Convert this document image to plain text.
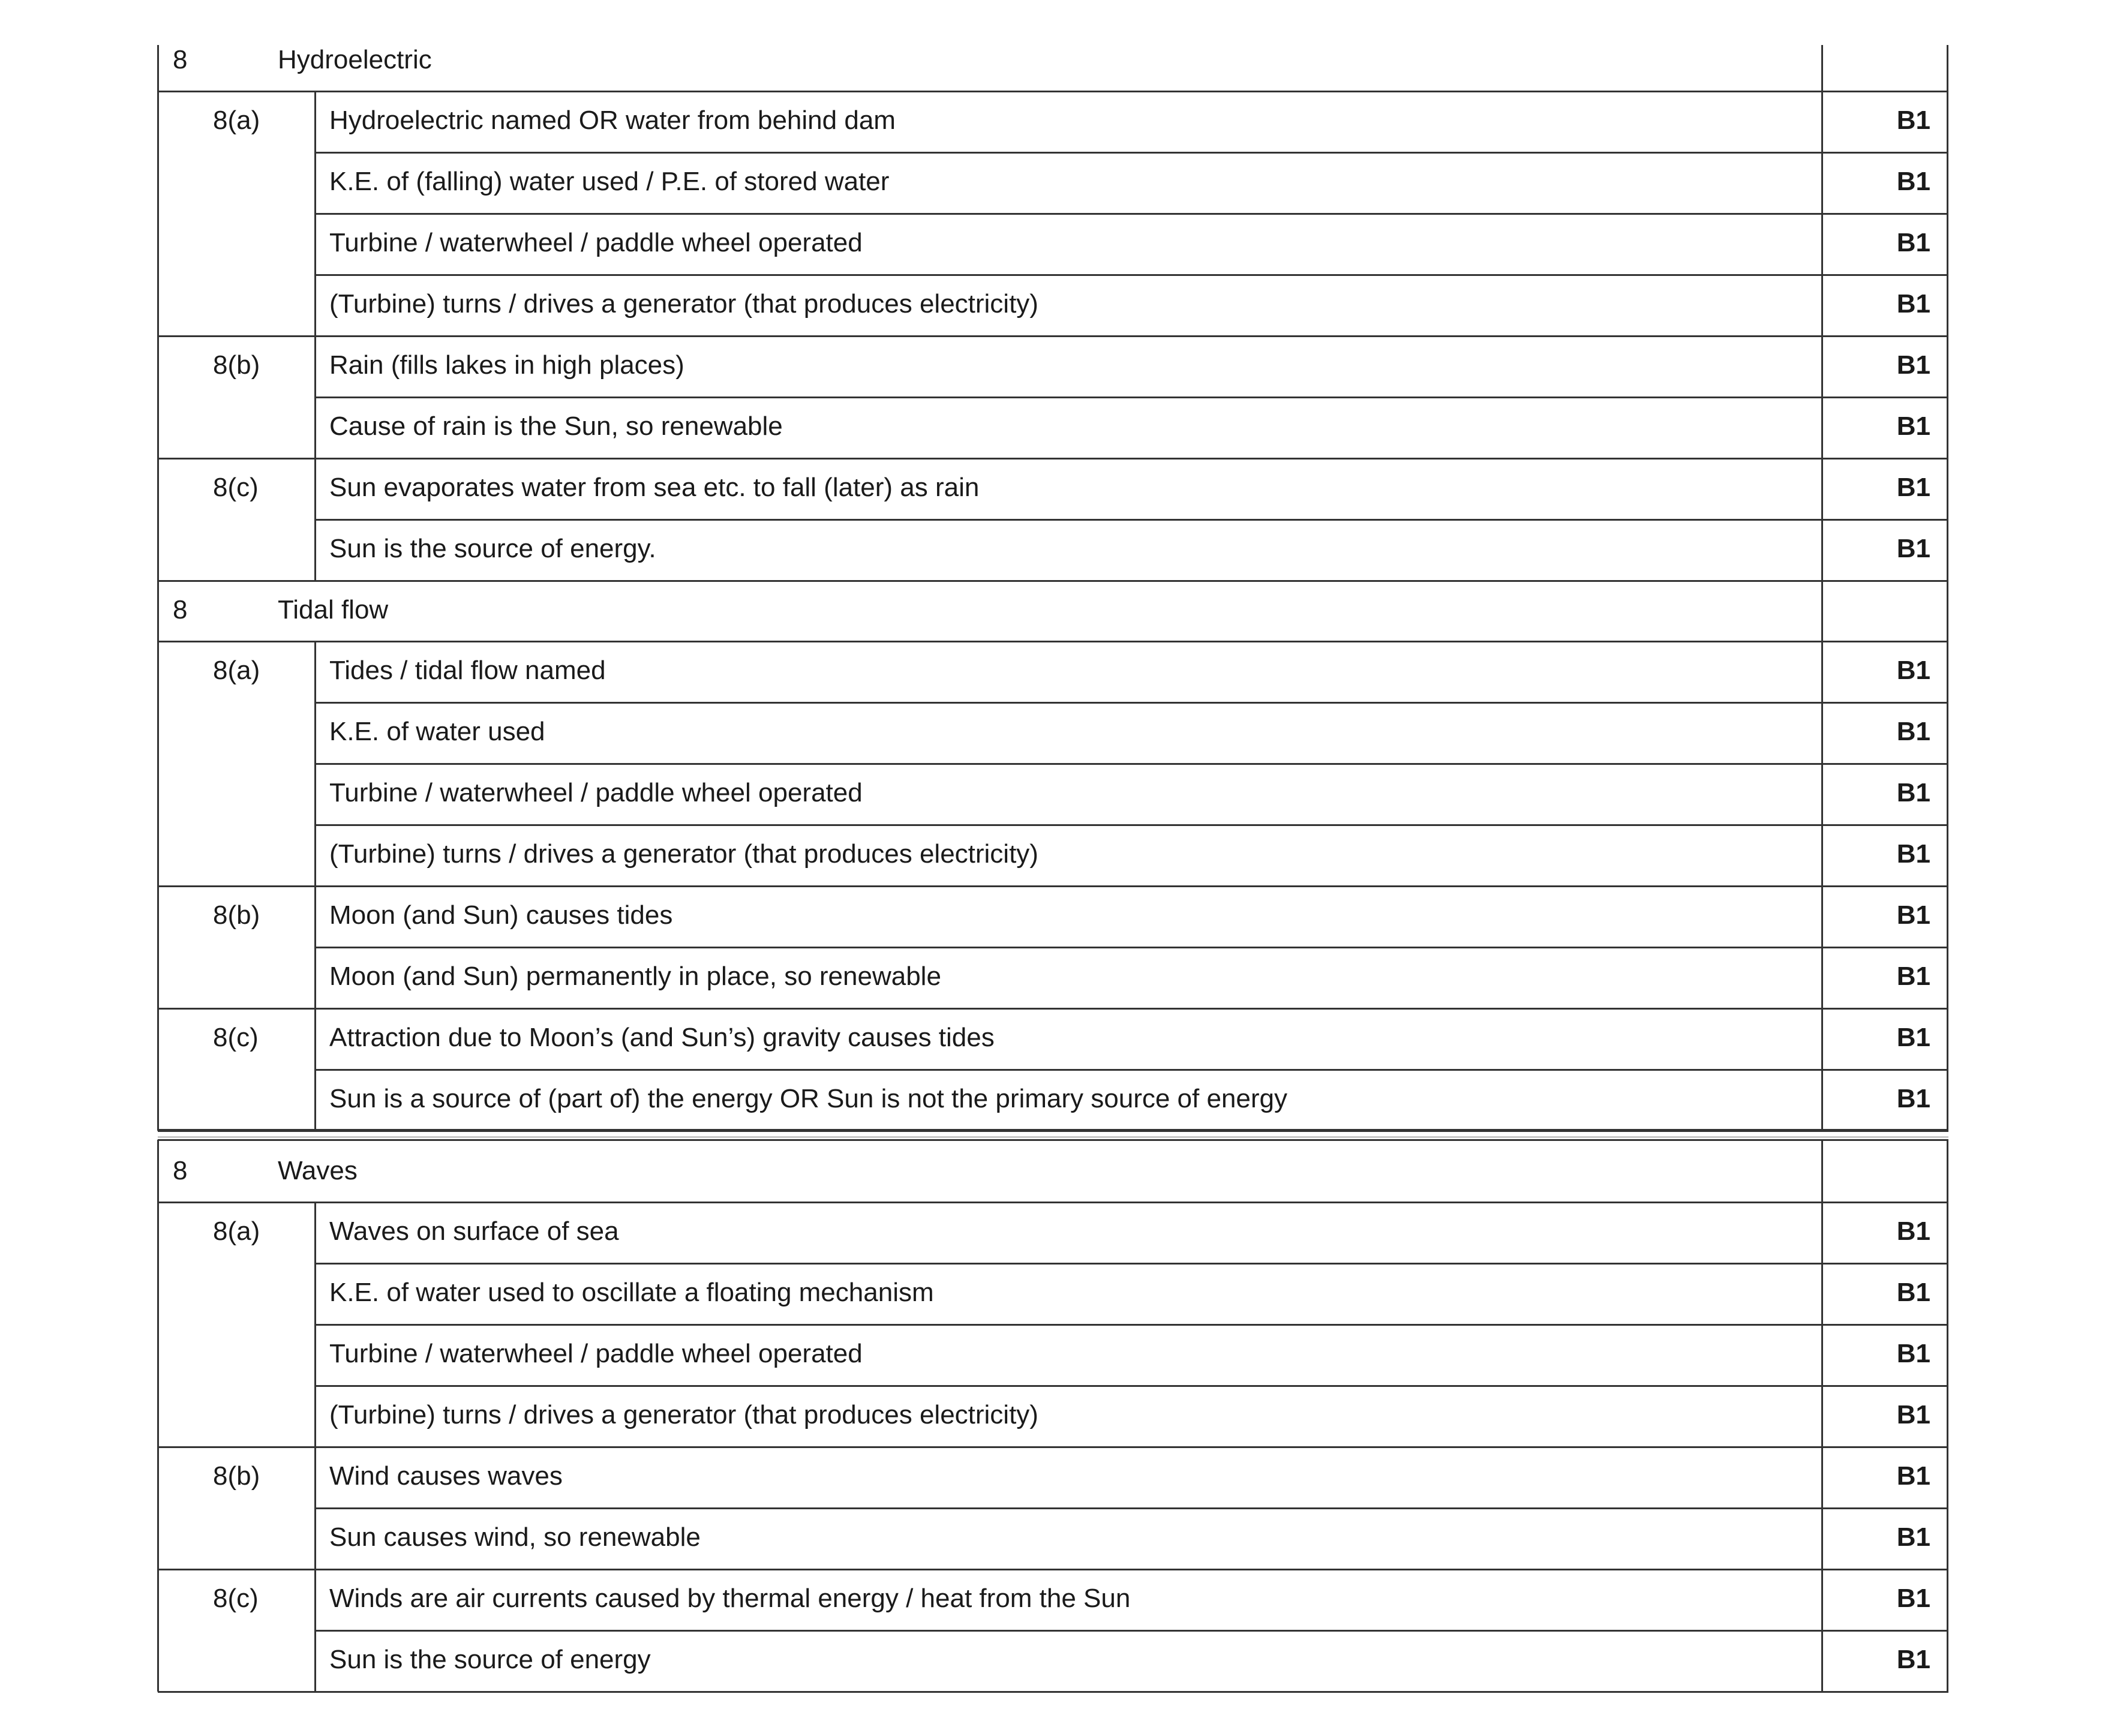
8	Hydroelectric
8(a)	Hydroelectric named OR water from behind dam	B1
K.E. of (falling) water used / P.E. of stored water	B1
Turbine / waterwheel / paddle wheel operated	B1
(Turbine) turns / drives a generator (that produces electricity)	B1
8(b)	Rain (fills lakes in high places)	B1
Cause of rain is the Sun, so renewable	B1
8(c)	Sun evaporates water from sea etc. to fall (later) as rain	B1
Sun is the source of energy.	B1
8	Tidal flow
8(a)	Tides / tidal flow named	B1
K.E. of water used	B1
Turbine / waterwheel / paddle wheel operated	B1
(Turbine) turns / drives a generator (that produces electricity)	B1
8(b)	Moon (and Sun) causes tides	B1
Moon (and Sun) permanently in place, so renewable	B1
8(c)	Attraction due to Moon’s (and Sun’s) gravity causes tides	B1
Sun is a source of (part of) the energy OR Sun is not the primary source of energy	B1
8	Waves
8(a)	Waves on surface of sea	B1
K.E. of water used to oscillate a floating mechanism	B1
Turbine / waterwheel / paddle wheel operated	B1
(Turbine) turns / drives a generator (that produces electricity)	B1
8(b)	Wind causes waves	B1
Sun causes wind, so renewable	B1
8(c)	Winds are air currents caused by thermal energy / heat from the Sun	B1
Sun is the source of energy	B1
